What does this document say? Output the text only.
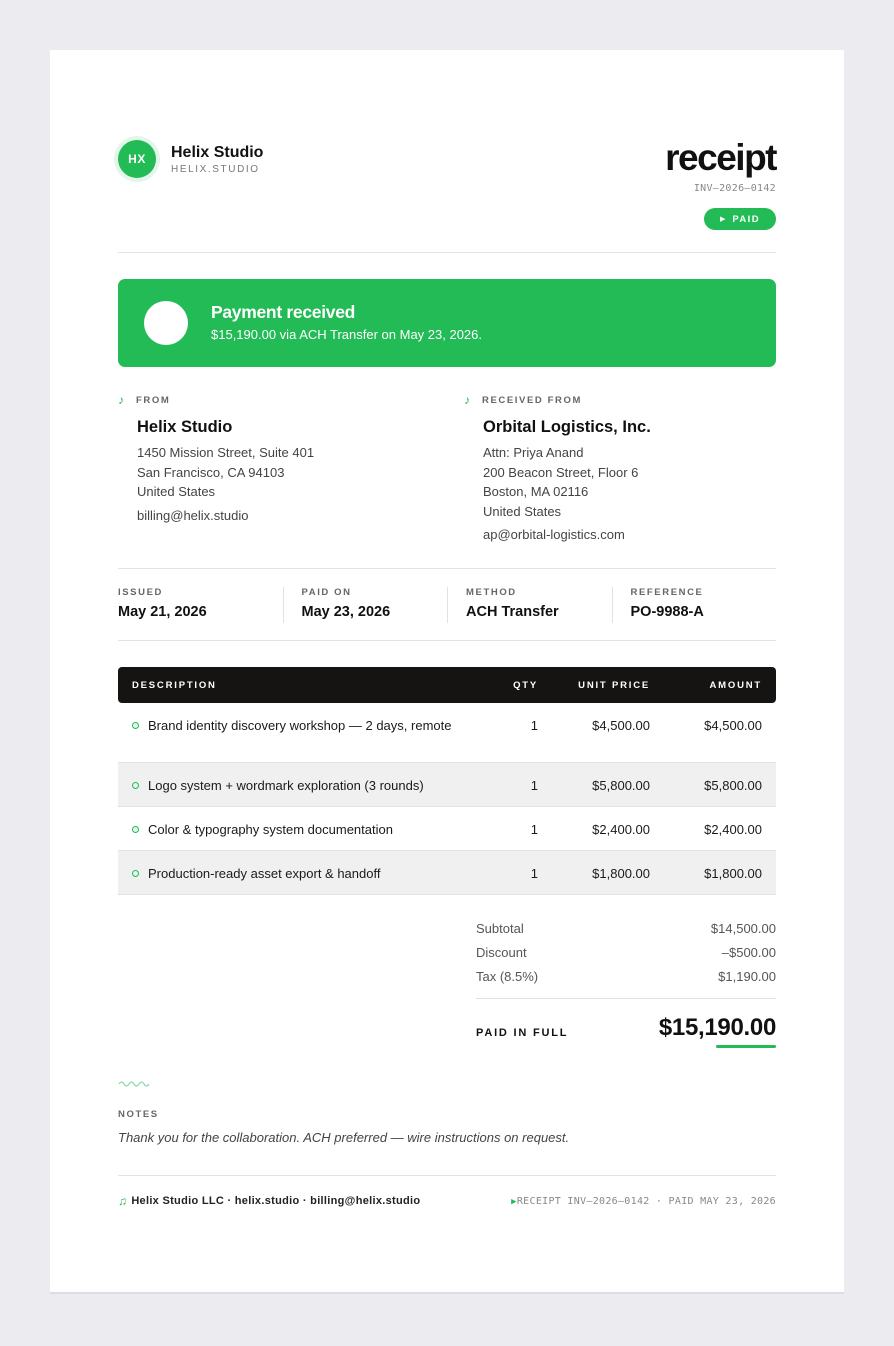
HX	Helix Studio
HELIX.STUDIO	receipt
INV–2026–0142
▶ PAID
Payment received
$15,190.00 via ACH Transfer on May 23, 2026.
♪	FROM
Helix Studio
1450 Mission Street, Suite 401
San Francisco, CA 94103
United States
billing@helix.studio
♪	RECEIVED FROM
Orbital Logistics, Inc.
Attn: Priya Anand
200 Beacon Street, Floor 6
Boston, MA 02116
United States
ap@orbital-logistics.com
ISSUED
May 21, 2026
PAID ON
May 23, 2026
METHOD
ACH Transfer
REFERENCE
PO-9988-A
DESCRIPTION	QTY	UNIT PRICE	AMOUNT
Brand identity discovery workshop — 2 days, remote	1	$4,500.00	$4,500.00
Logo system + wordmark exploration (3 rounds)	1	$5,800.00	$5,800.00
Color & typography system documentation	1	$2,400.00	$2,400.00
Production-ready asset export & handoff	1	$1,800.00	$1,800.00
Subtotal	$14,500.00
Discount	–$500.00
Tax (8.5%)	$1,190.00
PAID IN FULL	$15,190.00
NOTES
Thank you for the collaboration. ACH preferred — wire instructions on request.
♫ Helix Studio LLC · helix.studio · billing@helix.studio	▶RECEIPT INV–2026–0142 · PAID MAY 23, 2026
